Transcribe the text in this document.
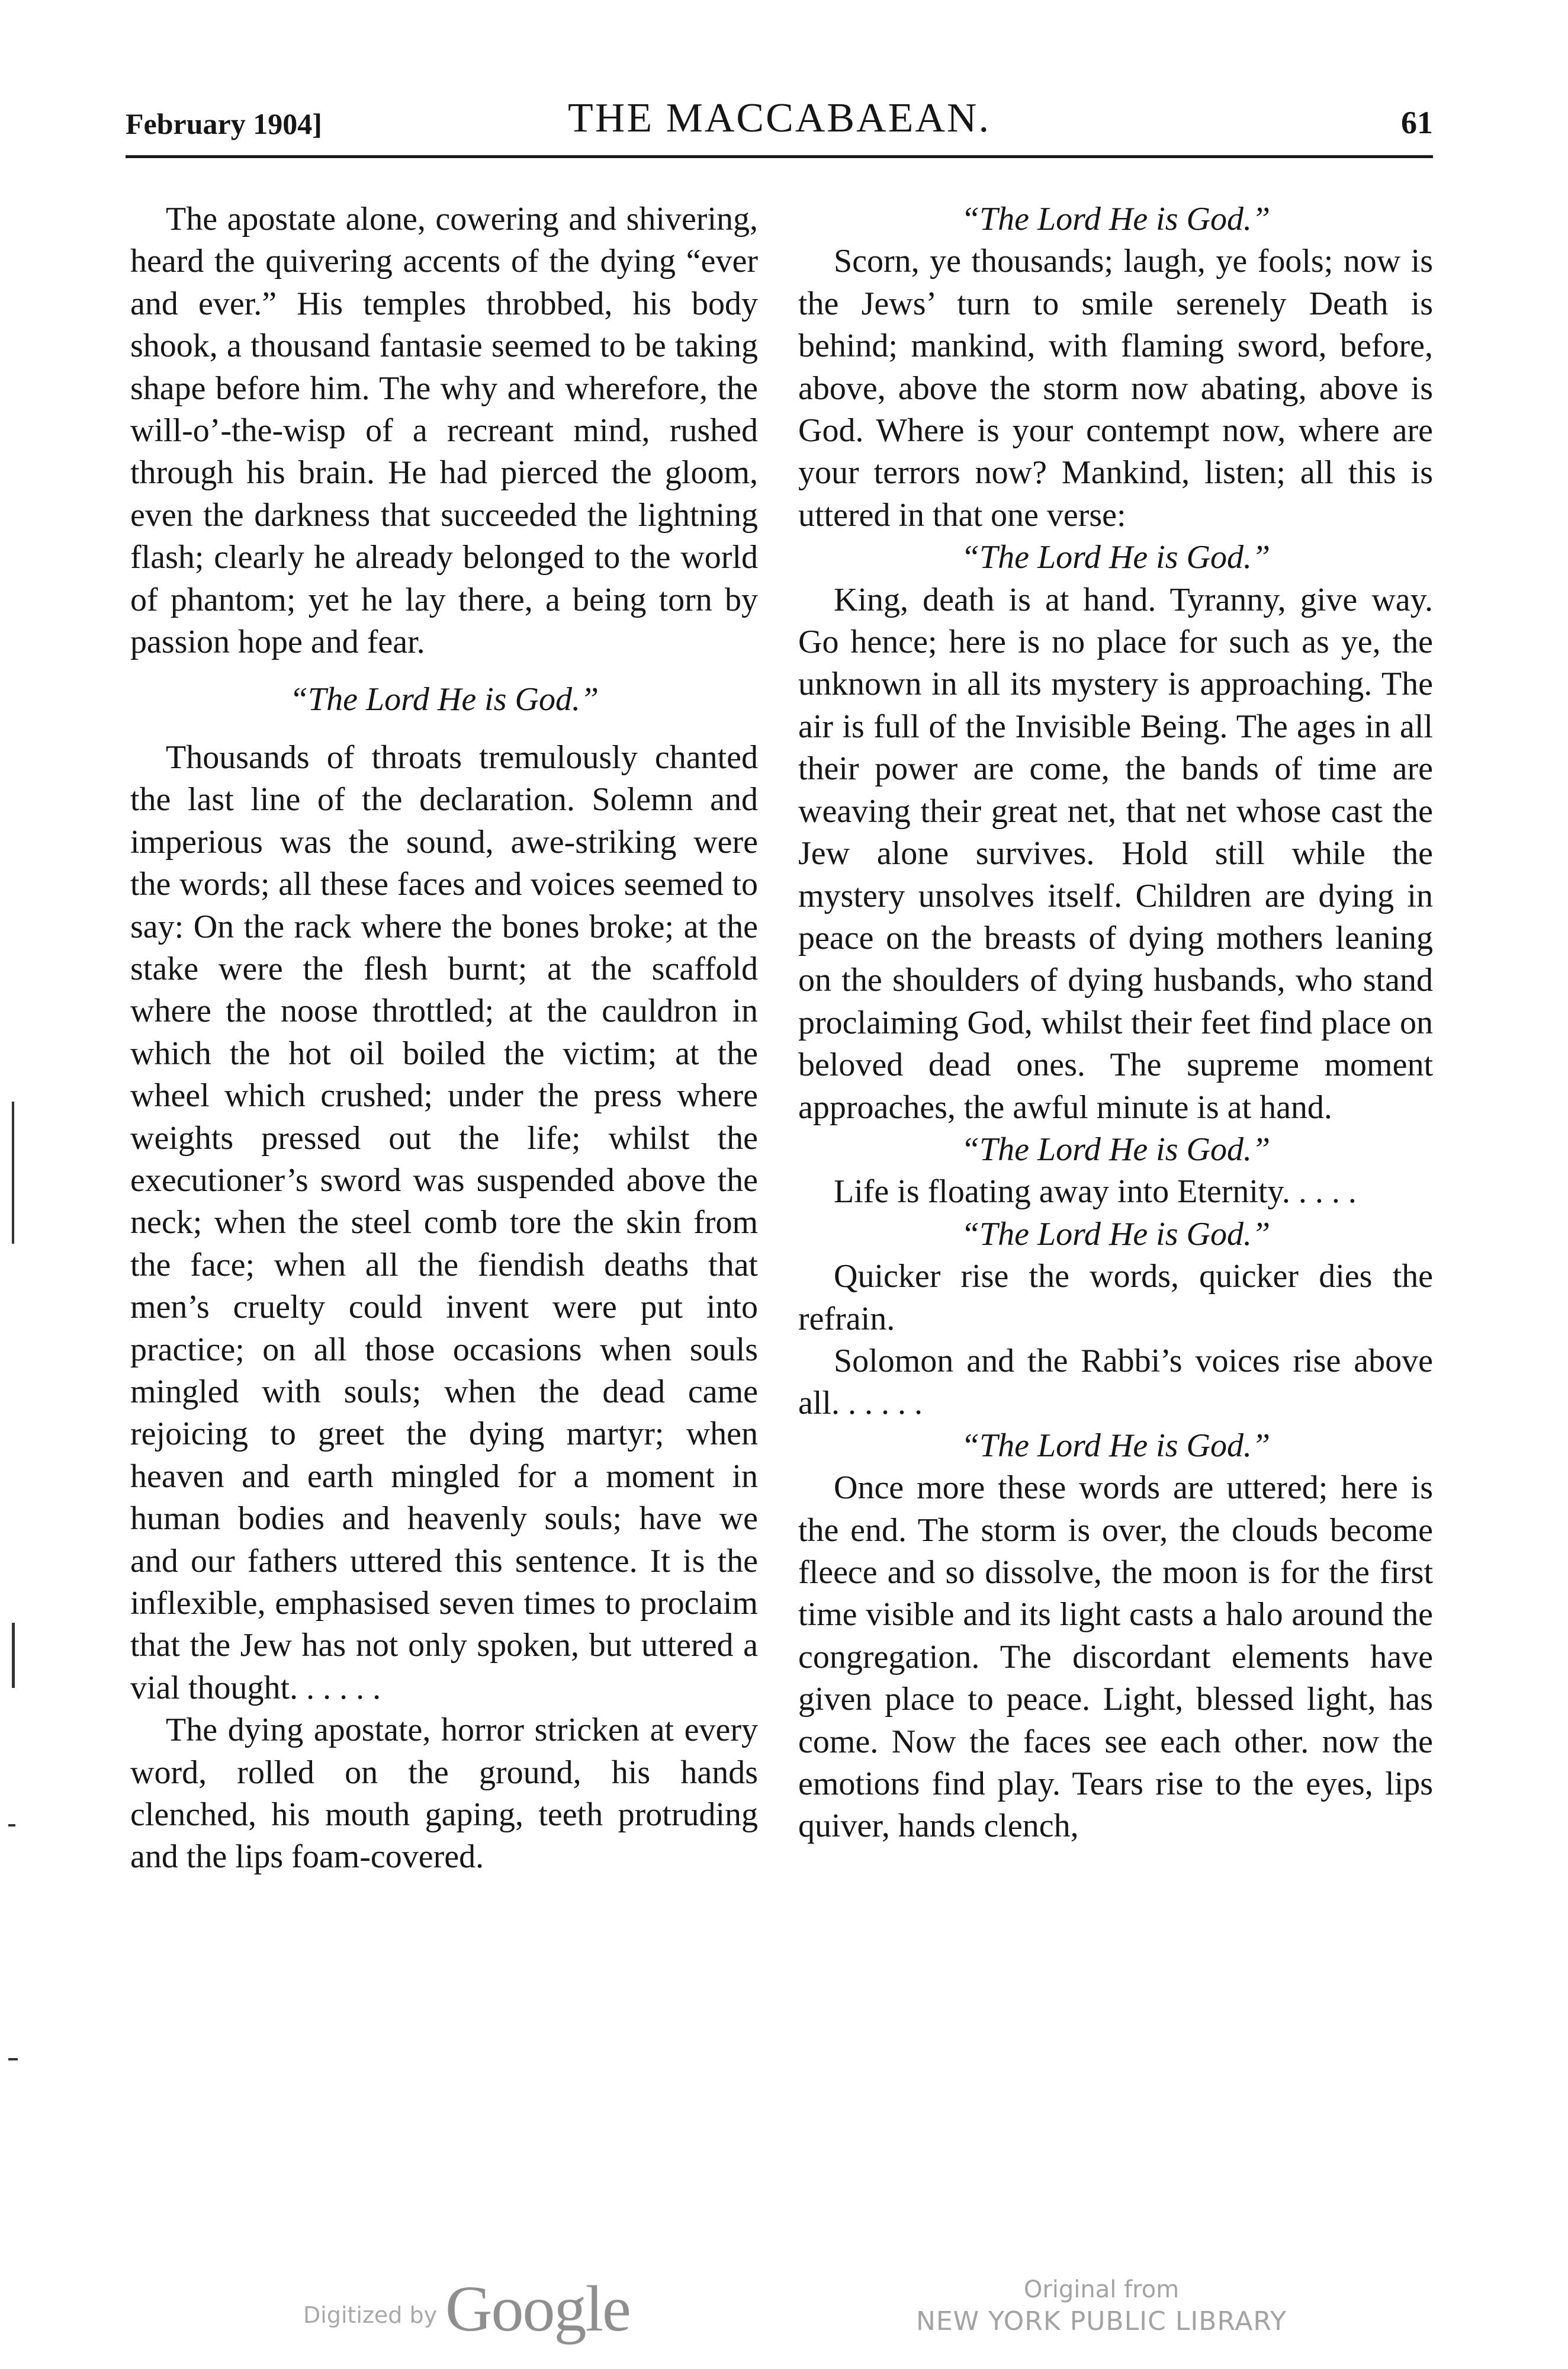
February 1904]	THE MACCABAEAN.	61

The apostate alone, cowering and shivering, heard the quivering accents of the dying “ever and ever.” His temples throbbed, his body shook, a thousand fantasie seemed to be taking shape before him. The why and wherefore, the will-o’-the-wisp of a recreant mind, rushed through his brain. He had pierced the gloom, even the darkness that succeeded the lightning flash; clearly he already belonged to the world of phantom; yet he lay there, a being torn by passion hope and fear.

“The Lord He is God.”

Thousands of throats tremulously chanted the last line of the declaration. Solemn and imperious was the sound, awe-striking were the words; all these faces and voices seemed to say: On the rack where the bones broke; at the stake were the flesh burnt; at the scaffold where the noose throttled; at the cauldron in which the hot oil boiled the victim; at the wheel which crushed; under the press where weights pressed out the life; whilst the executioner’s sword was suspended above the neck; when the steel comb tore the skin from the face; when all the fiendish deaths that men’s cruelty could invent were put into practice; on all those occasions when souls mingled with souls; when the dead came rejoicing to greet the dying martyr; when heaven and earth mingled for a moment in human bodies and heavenly souls; have we and our fathers uttered this sentence. It is the inflexible, emphasised seven times to proclaim that the Jew has not only spoken, but uttered a vial thought. . . . . .

The dying apostate, horror stricken at every word, rolled on the ground, his hands clenched, his mouth gaping, teeth protruding and the lips foam-covered.

“The Lord He is God.”

Scorn, ye thousands; laugh, ye fools; now is the Jews’ turn to smile serenely Death is behind; mankind, with flaming sword, before, above, above the storm now abating, above is God. Where is your contempt now, where are your terrors now? Mankind, listen; all this is uttered in that one verse:

“The Lord He is God.”

King, death is at hand. Tyranny, give way. Go hence; here is no place for such as ye, the unknown in all its mystery is approaching. The air is full of the Invisible Being. The ages in all their power are come, the bands of time are weaving their great net, that net whose cast the Jew alone survives. Hold still while the mystery unsolves itself. Children are dying in peace on the breasts of dying mothers leaning on the shoulders of dying husbands, who stand proclaiming God, whilst their feet find place on beloved dead ones. The supreme moment approaches, the awful minute is at hand.

“The Lord He is God.”

Life is floating away into Eternity. . . . .

“The Lord He is God.”

Quicker rise the words, quicker dies the refrain.

Solomon and the Rabbi’s voices rise above all. . . . . .

“The Lord He is God.”

Once more these words are uttered; here is the end. The storm is over, the clouds become fleece and so dissolve, the moon is for the first time visible and its light casts a halo around the congregation. The discordant elements have given place to peace. Light, blessed light, has come. Now the faces see each other. now the emotions find play. Tears rise to the eyes, lips quiver, hands clench,

Digitized by Google	Original from
NEW YORK PUBLIC LIBRARY
